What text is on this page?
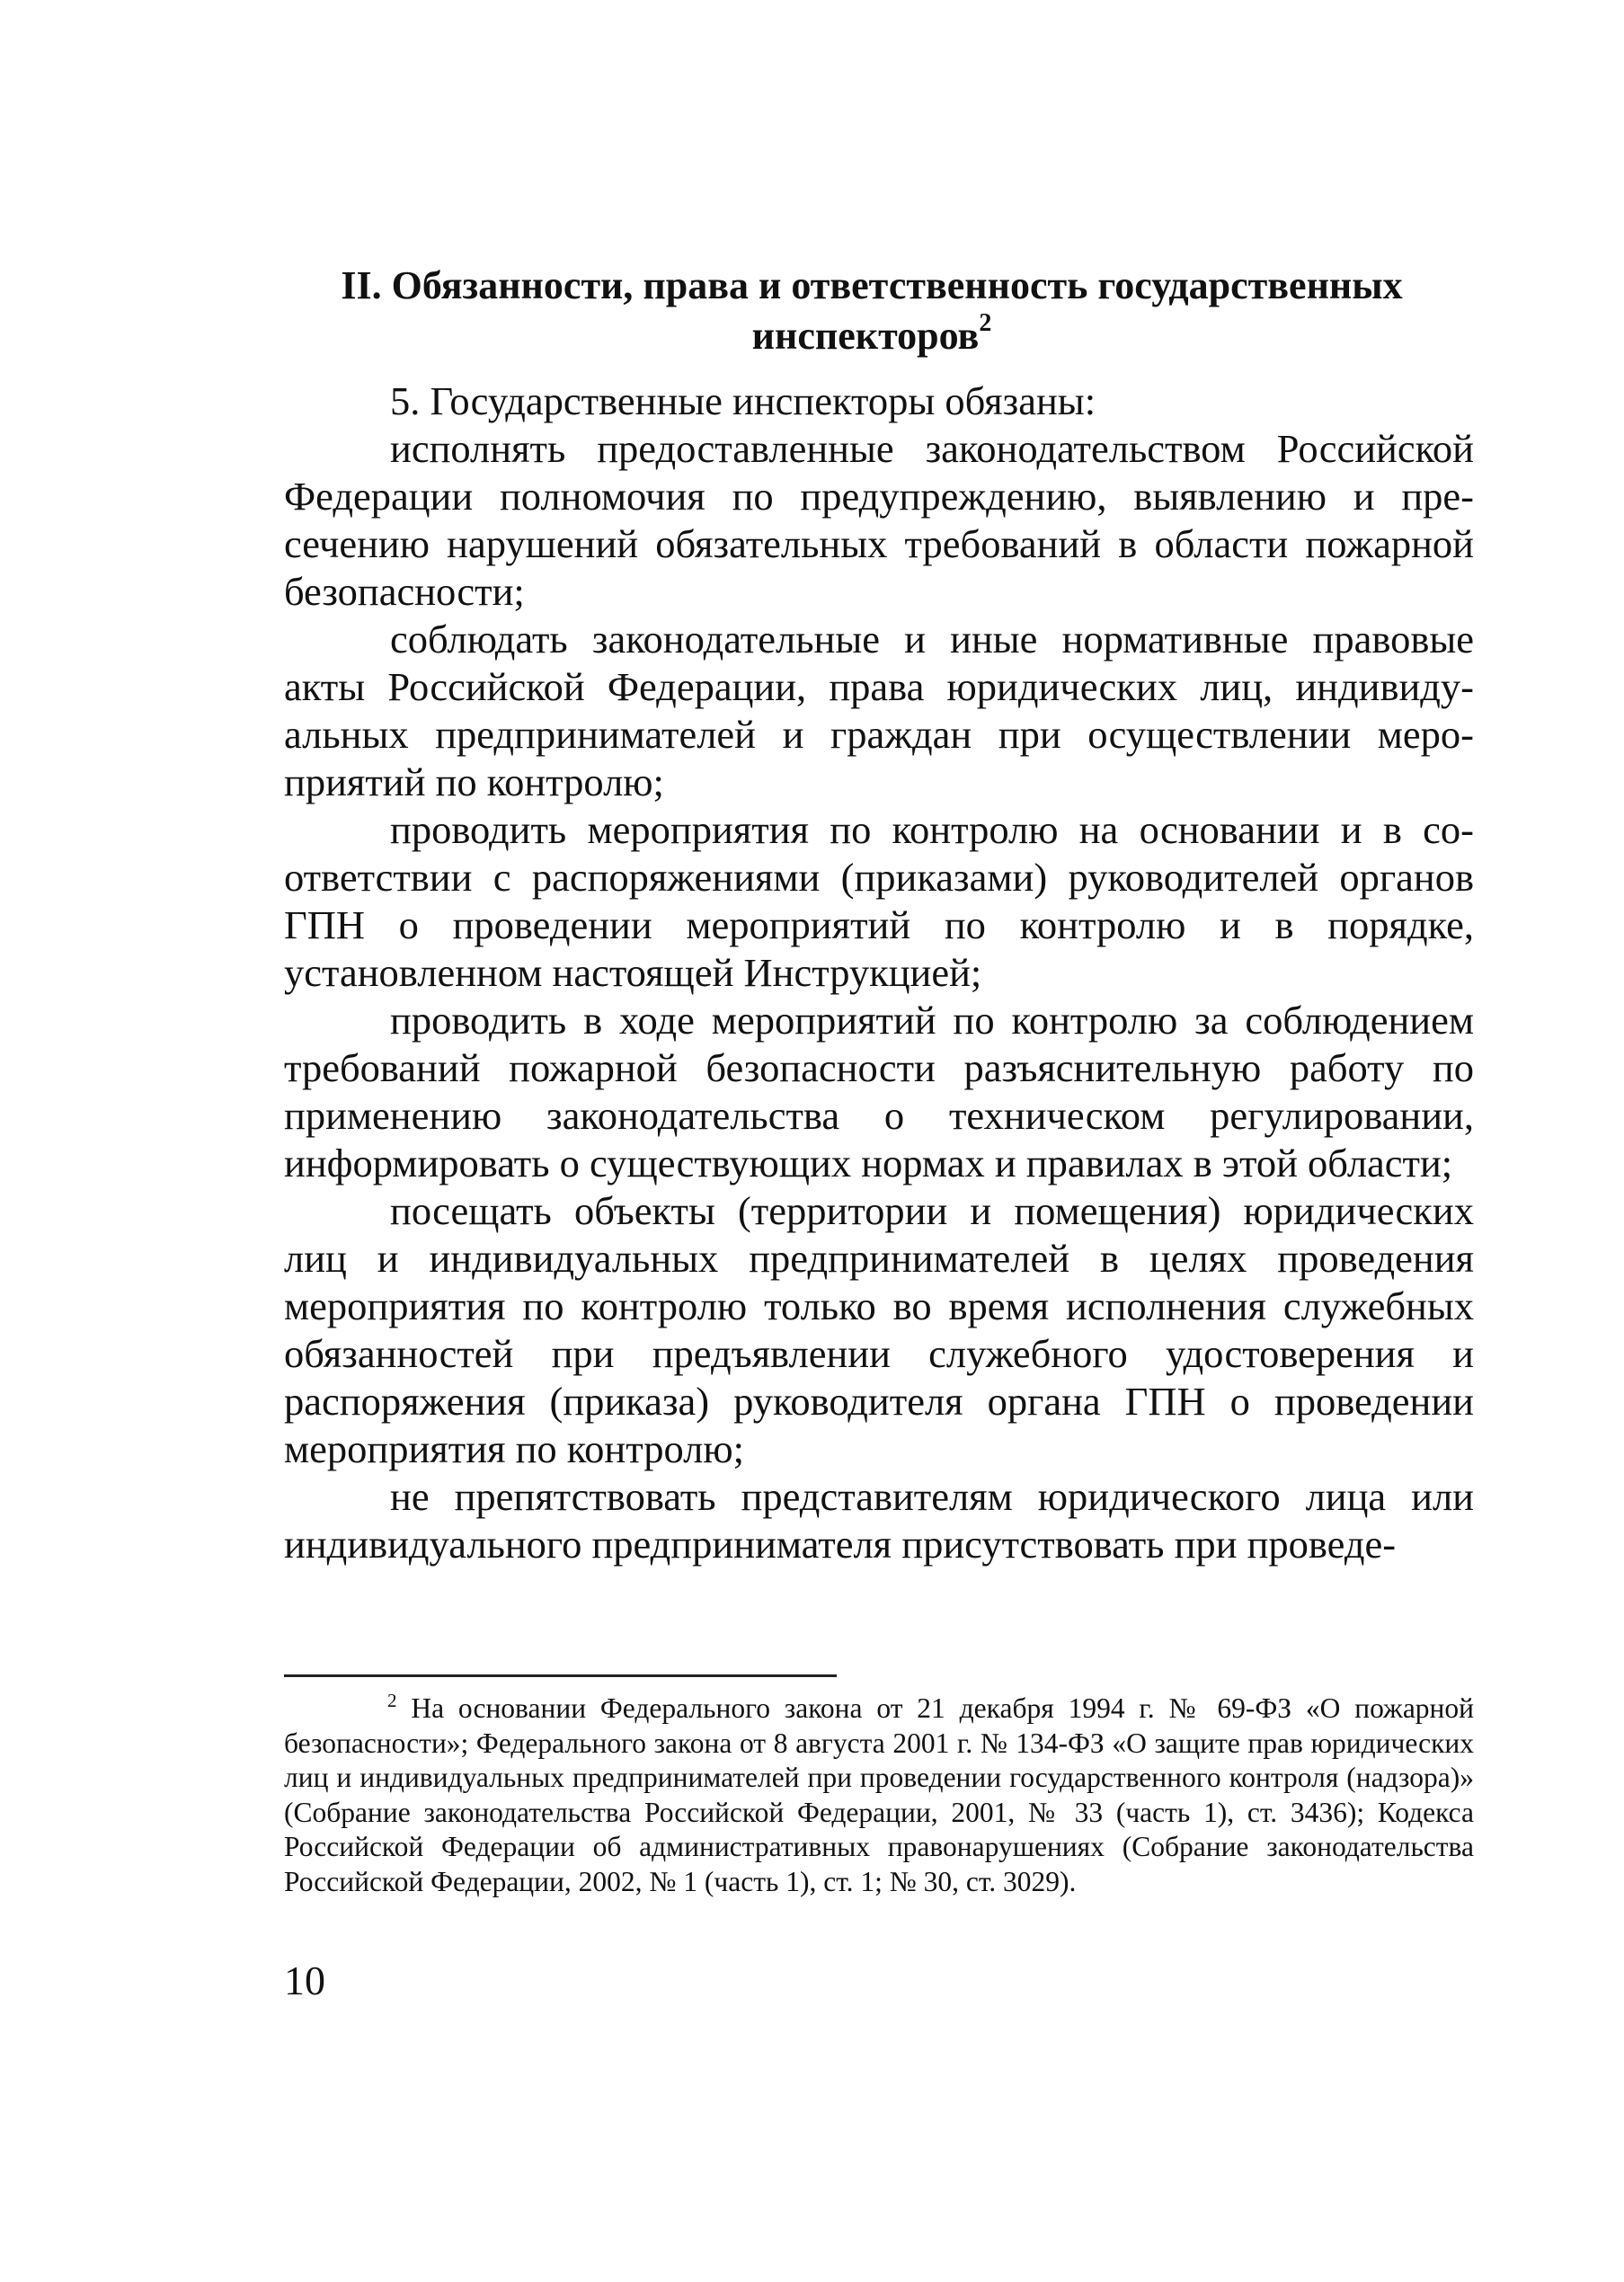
II. Обязанности, права и ответственность государственных инспекторов$^2$

5. Государственные инспекторы обязаны:

исполнять предоставленные законодательством Российской Федерации полномочия по предупреждению, выявлению и пресечению нарушений обязательных требований в области пожарной безопасности;

соблюдать законодательные и иные нормативные правовые акты Российской Федерации, права юридических лиц, индивидуальных предпринимателей и граждан при осуществлении мероприятий по контролю;

проводить мероприятия по контролю на основании и в соответствии с распоряжениями (приказами) руководителей органов ГПН о проведении мероприятий по контролю и в порядке, установленном настоящей Инструкцией;

проводить в ходе мероприятий по контролю за соблюдением требований пожарной безопасности разъяснительную работу по применению законодательства о техническом регулировании, информировать о существующих нормах и правилах в этой области;

посещать объекты (территории и помещения) юридических лиц и индивидуальных предпринимателей в целях проведения мероприятия по контролю только во время исполнения служебных обязанностей при предъявлении служебного удостоверения и распоряжения (приказа) руководителя органа ГПН о проведении мероприятия по контролю;

не препятствовать представителям юридического лица или индивидуального предпринимателя присутствовать при проведе-

$^2$ На основании Федерального закона от 21 декабря 1994 г. № 69-ФЗ «О пожарной безопасности»; Федерального закона от 8 августа 2001 г. № 134-ФЗ «О защите прав юридических лиц и индивидуальных предпринимателей при проведении государственного контроля (надзора)» (Собрание законодательства Российской Федерации, 2001, № 33 (часть 1), ст. 3436); Кодекса Российской Федерации об административных правонарушениях (Собрание законодательства Российской Федерации, 2002, № 1 (часть 1), ст. 1; № 30, ст. 3029).

10
